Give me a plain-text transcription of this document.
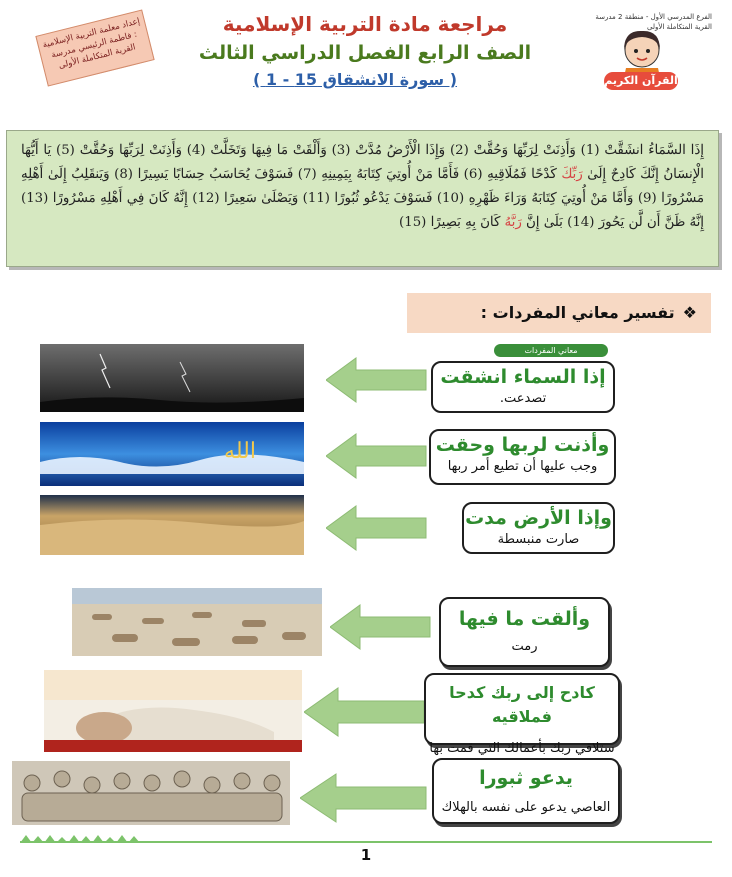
مراجعة مادة التربية الإسلامية
الصف الرابع الفصل الدراسي الثالث
( سورة الانشقاق 15 - 1 )
إعداد معلمة التربية الإسلامية : فاطمة الرئيسي مدرسة القرية المتكاملة الأولى
الفرع المدرسي الأول - منطقة 2 مدرسة القرية المتكاملة الأولى
القرآن الكريم
إِذَا السَّمَاءُ انشَقَّتْ (1) وَأَذِنَتْ لِرَبِّهَا وَحُقَّتْ (2) وَإِذَا الْأَرْضُ مُدَّتْ (3) وَأَلْقَتْ مَا فِيهَا وَتَخَلَّتْ (4) وَأَذِنَتْ لِرَبِّهَا وَحُقَّتْ (5) يَا أَيُّهَا الْإِنسَانُ إِنَّكَ كَادِحٌ إِلَىٰ رَبِّكَ كَدْحًا فَمُلَاقِيهِ (6) فَأَمَّا مَنْ أُوتِيَ كِتَابَهُ بِيَمِينِهِ (7) فَسَوْفَ يُحَاسَبُ حِسَابًا يَسِيرًا (8) وَيَنقَلِبُ إِلَىٰ أَهْلِهِ مَسْرُورًا (9) وَأَمَّا مَنْ أُوتِيَ كِتَابَهُ وَرَاءَ ظَهْرِهِ (10) فَسَوْفَ يَدْعُو ثُبُورًا (11) وَيَصْلَىٰ سَعِيرًا (12) إِنَّهُ كَانَ فِي أَهْلِهِ مَسْرُورًا (13) إِنَّهُ ظَنَّ أَن لَّن يَحُورَ (14) بَلَىٰ إِنَّ رَبَّهُ كَانَ بِهِ بَصِيرًا (15)
❖تفسير معاني المفردات :
معاني المفردات
إذا السماء انشقت
تصدعت.
الله	وأذنت لربها وحقت
وجب عليها أن تطيع أمر ربها
وإذا الأرض مدت
صارت منبسطة
وألقت ما فيها
رمت
كادح إلى ربك كدحا فملاقيه
ستلاقي ربك بأعمالك التي قمت بها
يدعو ثبورا
العاصي يدعو على نفسه بالهلاك
1
